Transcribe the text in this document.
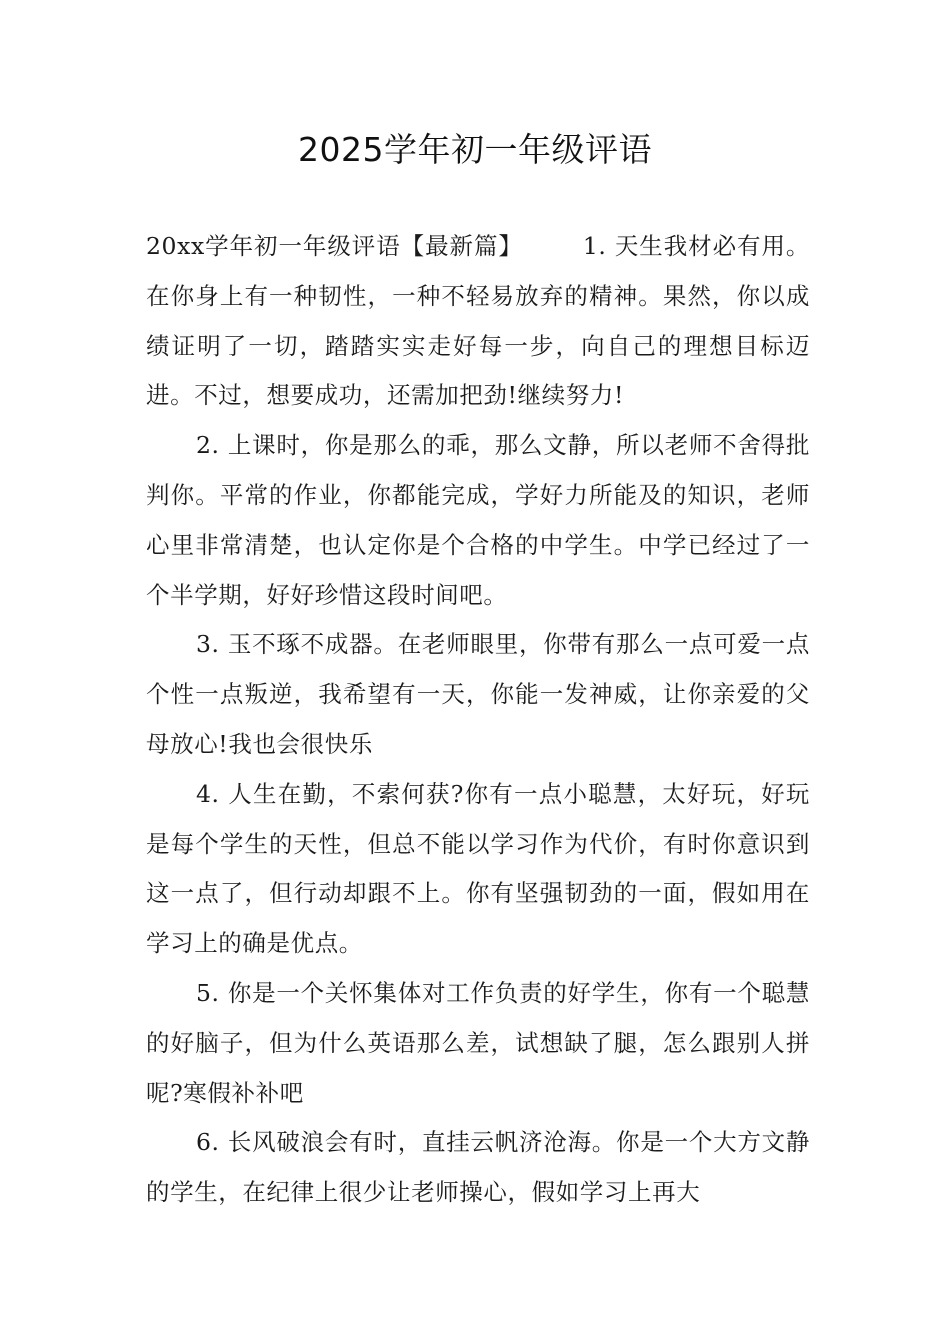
2025学年初一年级评语

20xx学年初一年级评语【最新篇】	1. 天生我材必有用。在你身上有一种韧性，一种不轻易放弃的精神。果然，你以成绩证明了一切，踏踏实实走好每一步，向自己的理想目标迈进。不过，想要成功，还需加把劲!继续努力!

2. 上课时，你是那么的乖，那么文静，所以老师不舍得批判你。平常的作业，你都能完成，学好力所能及的知识，老师心里非常清楚，也认定你是个合格的中学生。中学已经过了一个半学期，好好珍惜这段时间吧。

3. 玉不琢不成器。在老师眼里，你带有那么一点可爱一点个性一点叛逆，我希望有一天，你能一发神威，让你亲爱的父母放心!我也会很快乐

4. 人生在勤，不索何获?你有一点小聪慧，太好玩，好玩是每个学生的天性，但总不能以学习作为代价，有时你意识到这一点了，但行动却跟不上。你有坚强韧劲的一面，假如用在学习上的确是优点。

5. 你是一个关怀集体对工作负责的好学生，你有一个聪慧的好脑子，但为什么英语那么差，试想缺了腿，怎么跟别人拼呢?寒假补补吧

6. 长风破浪会有时，直挂云帆济沧海。你是一个大方文静的学生，在纪律上很少让老师操心，假如学习上再大
